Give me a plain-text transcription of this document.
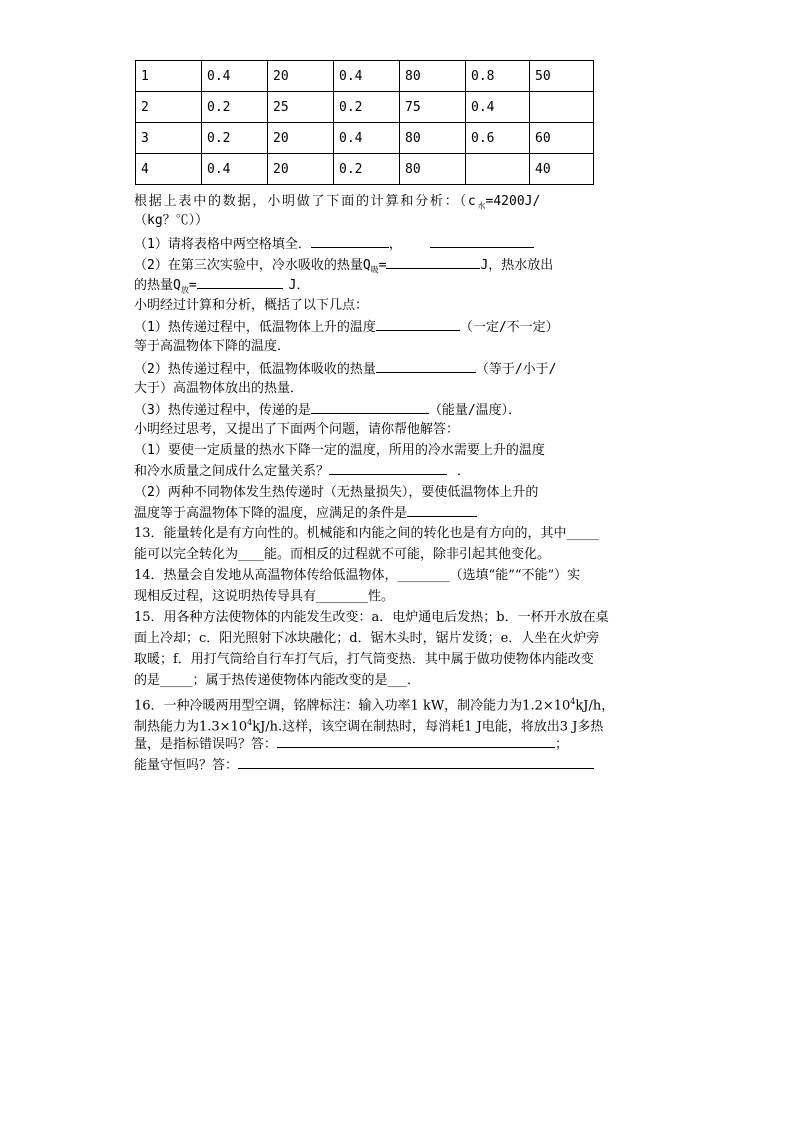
1	0.4	20	0.4	80	0.8	50
2	0.2	25	0.2	75	0.4	
3	0.2	20	0.4	80	0.6	60
4	0.4	20	0.2	80		40
根据上表中的数据，小明做了下面的计算和分析：（$c_水=4200J/$
（kg？℃））
（1）请将表格中两空格填全．	，
（2）在第三次实验中，冷水吸收的热量$Q_吸=$	J，热水放出
的热量$Q_放=$	J．
小明经过计算和分析，概括了以下几点：
（1）热传递过程中，低温物体上升的温度	（一定/不一定）
等于高温物体下降的温度．
（2）热传递过程中，低温物体吸收的热量	（等于/小于/
大于）高温物体放出的热量．
（3）热传递过程中，传递的是	（能量/温度）．
小明经过思考，又提出了下面两个问题，请你帮他解答：
（1）要使一定质量的热水下降一定的温度，所用的冷水需要上升的温度
和冷水质量之间成什么定量关系？	．
（2）两种不同物体发生热传递时（无热量损失），要使低温物体上升的
温度等于高温物体下降的温度，应满足的条件是
13．能量转化是有方向性的。机械能和内能之间的转化也是有方向的，其中_____
能可以完全转化为____能。而相反的过程就不可能，除非引起其他变化。
14．热量会自发地从高温物体传给低温物体，________（选填“能”“不能”）实
现相反过程，这说明热传导具有________性。
15．用各种方法使物体的内能发生改变：a．电炉通电后发热；b．一杯开水放在桌
面上冷却；c．阳光照射下冰块融化；d．锯木头时，锯片发烫；e．人坐在火炉旁
取暖；f．用打气筒给自行车打气后，打气筒变热．其中属于做功使物体内能改变
的是_____；属于热传递使物体内能改变的是___．
16．一种冷暖两用型空调，铭牌标注：输入功率1 kW，制冷能力为$1.2\times 10^4kJ/h$，
制热能力为$1.3\times 10^4kJ/h$.这样，该空调在制热时，每消耗1 J电能，将放出3 J多热
量，是指标错误吗？答：	；
能量守恒吗？答：
